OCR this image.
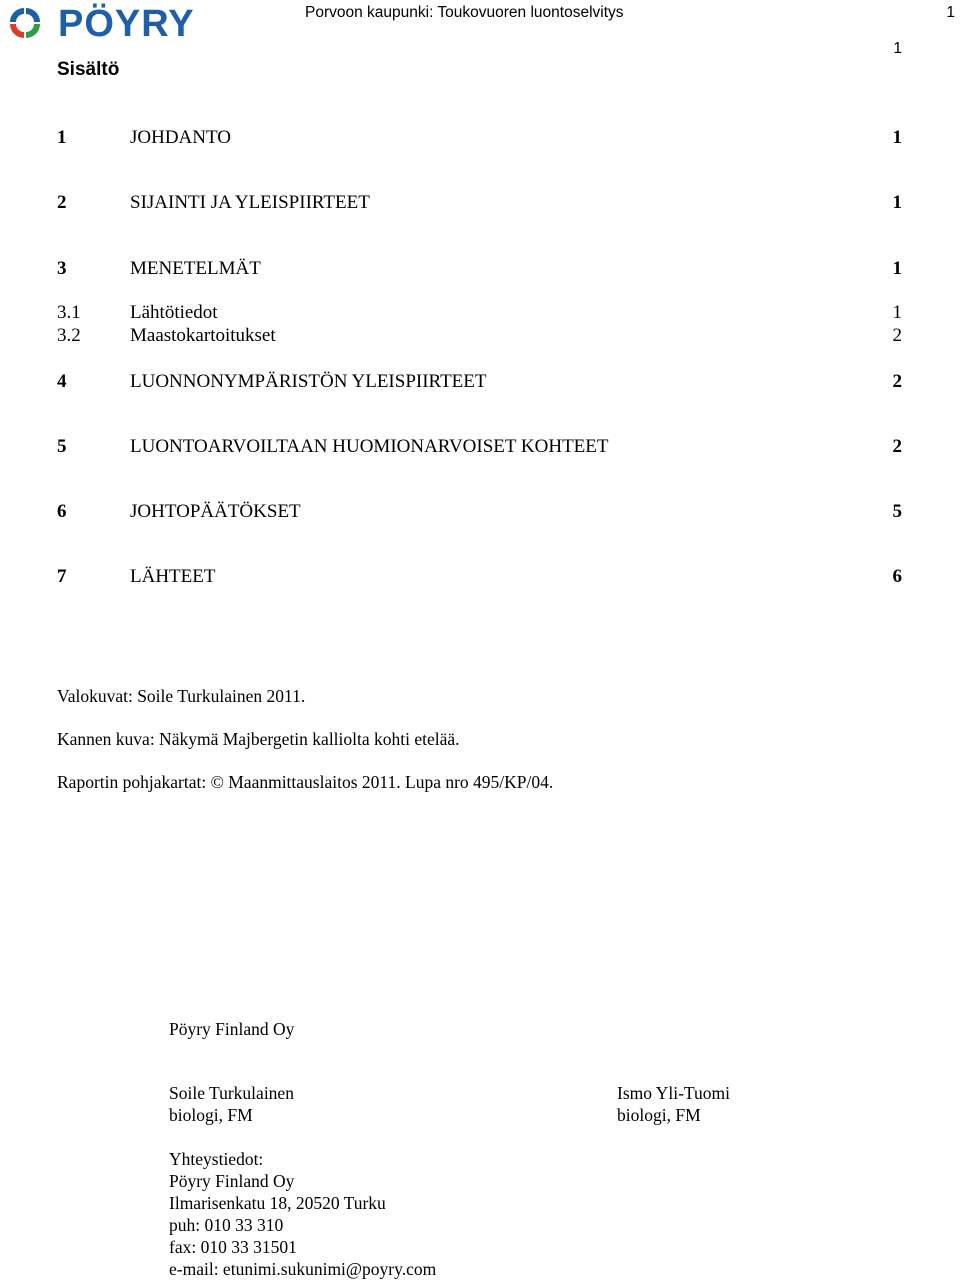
PÖYRY	Porvoon kaupunki: Toukovuoren luontoselvitys	1
1
Sisältö
1	JOHDANTO	1
2	SIJAINTI JA YLEISPIIRTEET	1
3	MENETELMÄT	1
3.1	Lähtötiedot	1
3.2	Maastokartoitukset	2
4	LUONNONYMPÄRISTÖN YLEISPIIRTEET	2
5	LUONTOARVOILTAAN HUOMIONARVOISET KOHTEET	2
6	JOHTOPÄÄTÖKSET	5
7	LÄHTEET	6
Valokuvat: Soile Turkulainen 2011.
Kannen kuva: Näkymä Majbergetin kalliolta kohti etelää.
Raportin pohjakartat: © Maanmittauslaitos 2011. Lupa nro 495/KP/04.
Pöyry Finland Oy
Soile Turkulainen
biologi, FM
Ismo Yli-Tuomi
biologi, FM
Yhteystiedot:
Pöyry Finland Oy
Ilmarisenkatu 18, 20520 Turku
puh: 010 33 310
fax: 010 33 31501
e-mail: etunimi.sukunimi@poyry.com
